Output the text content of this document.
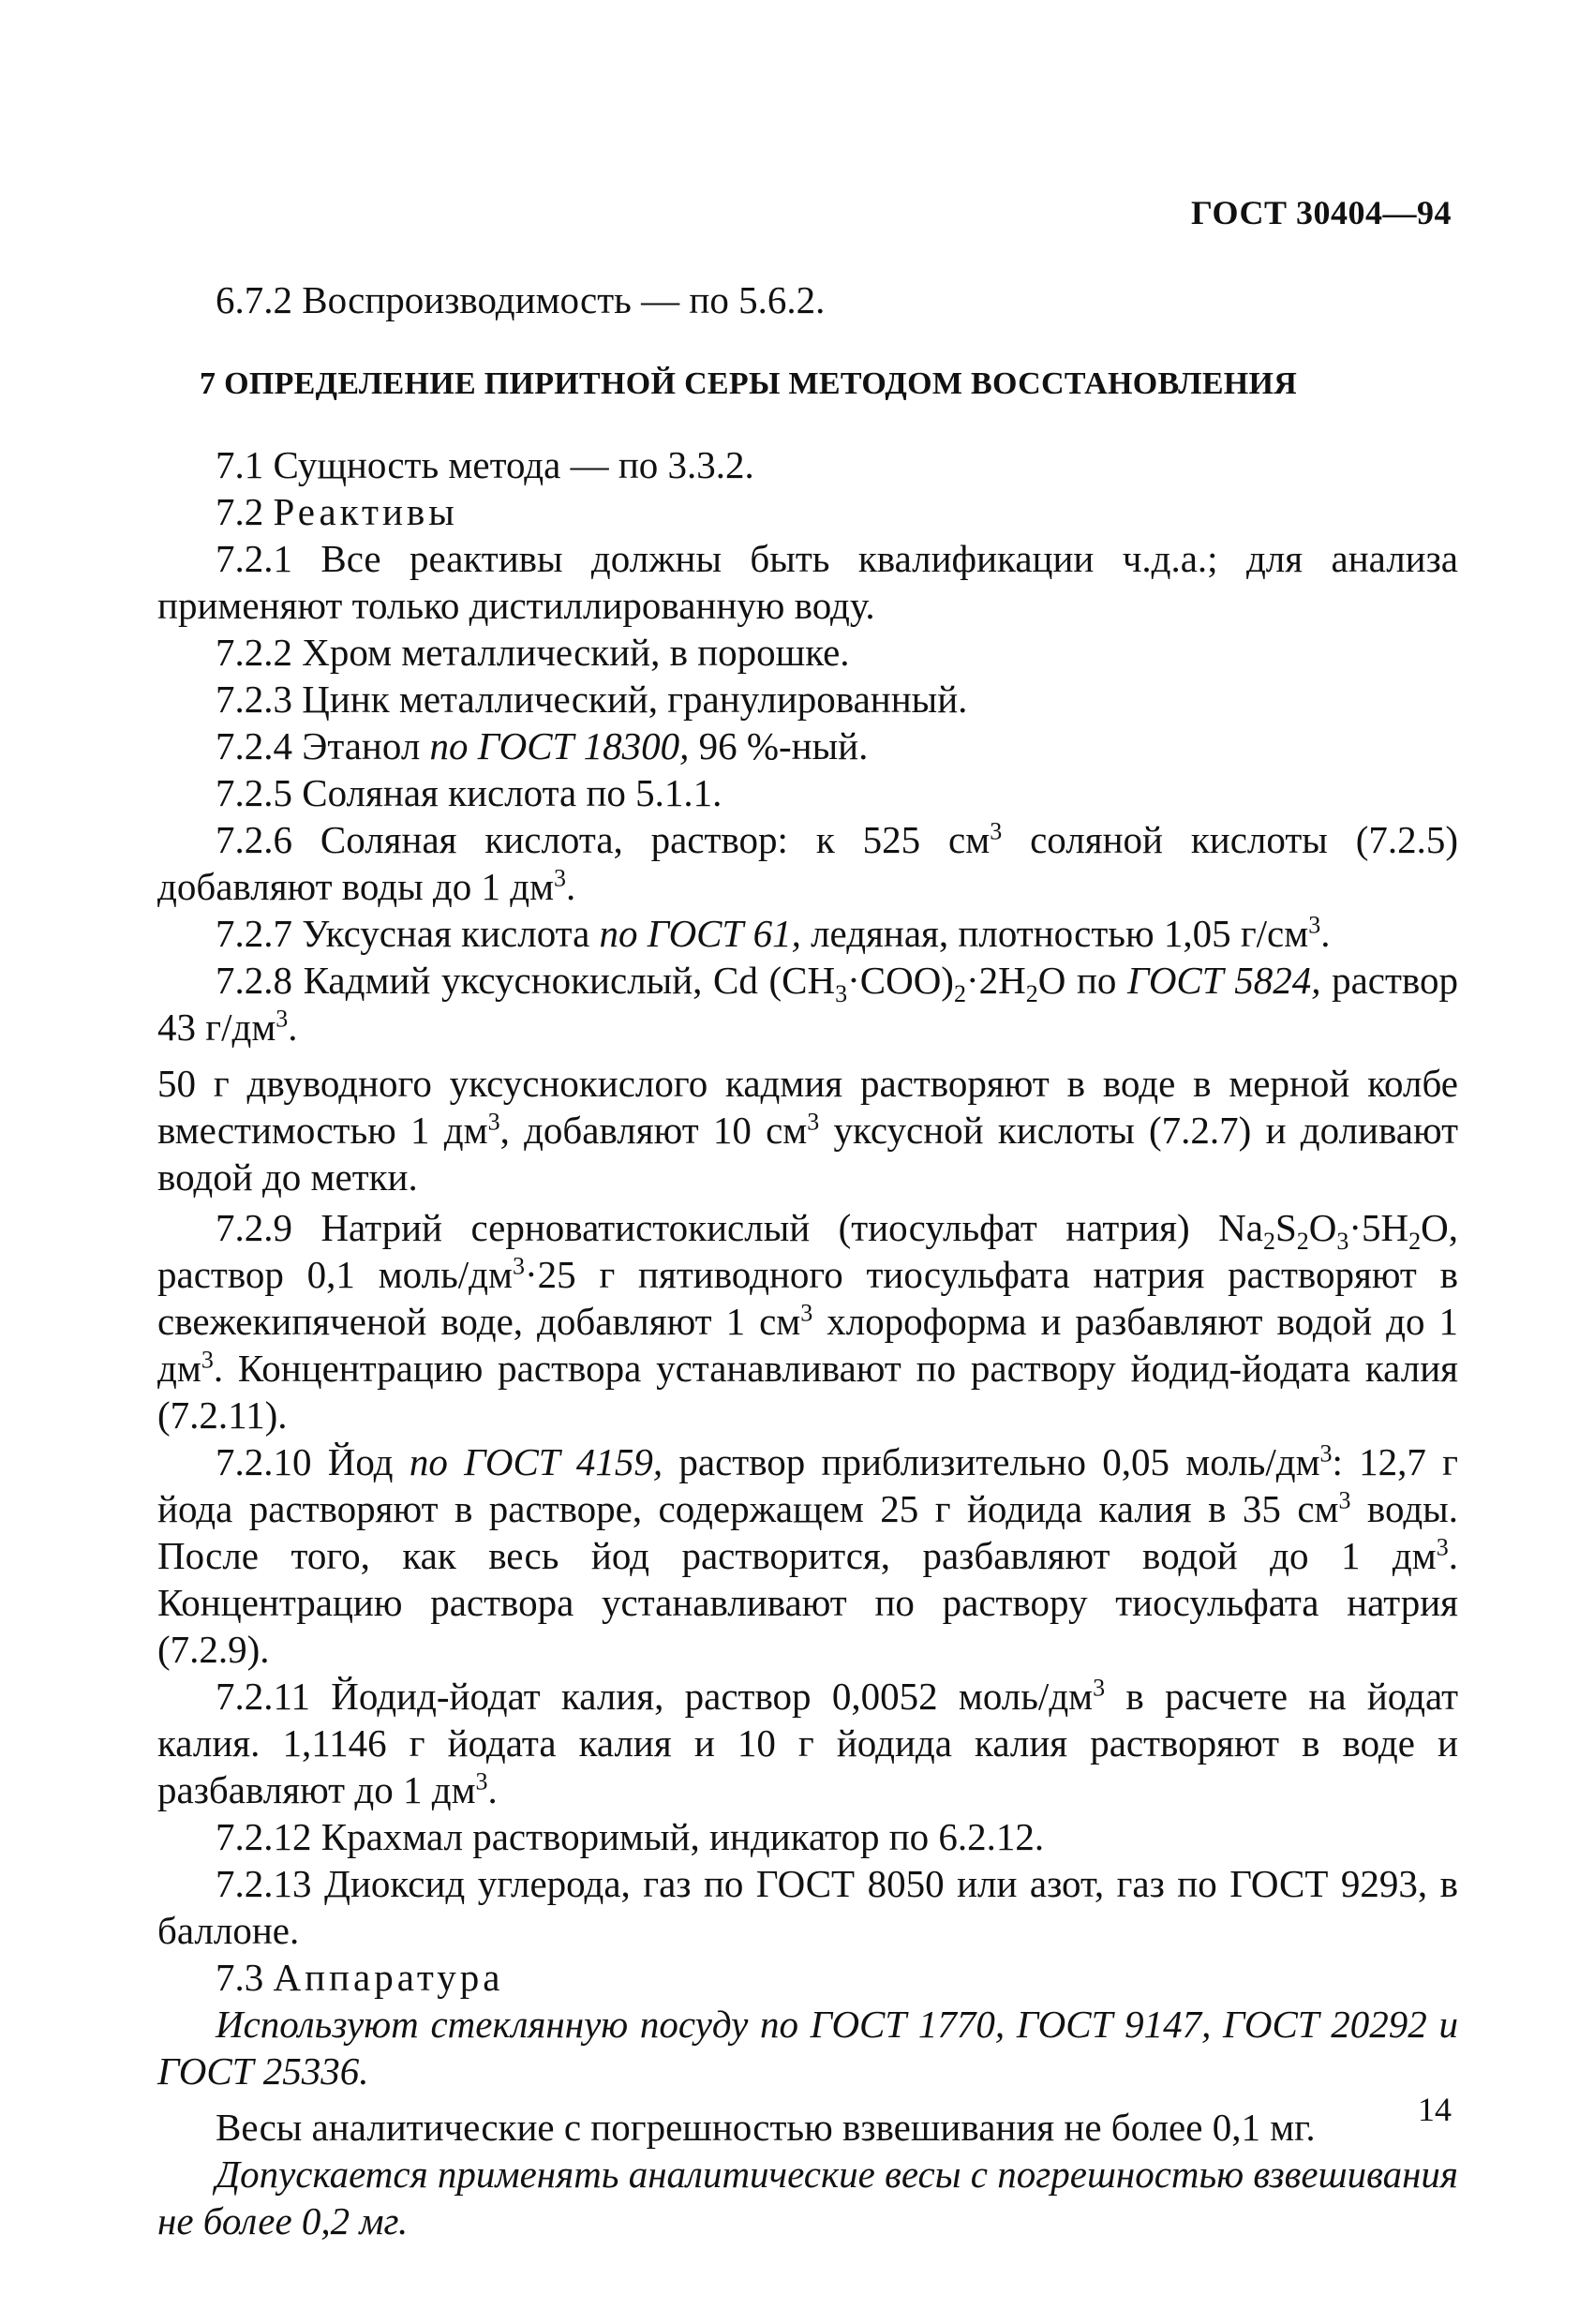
ГОСТ 30404—94

6.7.2 Воспроизводимость — по 5.6.2.

7 ОПРЕДЕЛЕНИЕ ПИРИТНОЙ СЕРЫ МЕТОДОМ ВОССТАНОВЛЕНИЯ

7.1 Сущность метода — по 3.3.2.

7.2 Реактивы

7.2.1 Все реактивы должны быть квалификации ч.д.а.; для анализа применяют только дистиллированную воду.

7.2.2 Хром металлический, в порошке.

7.2.3 Цинк металлический, гранулированный.

7.2.4 Этанол по ГОСТ 18300, 96 %-ный.

7.2.5 Соляная кислота по 5.1.1.

7.2.6 Соляная кислота, раствор: к 525 $см^3$ соляной кислоты (7.2.5) добавляют воды до 1 $дм^3$.

7.2.7 Уксусная кислота по ГОСТ 61, ледяная, плотностью 1,05 $г/см^3$.

7.2.8 Кадмий уксуснокислый, Cd $(CH_3\cdot COO)_2\cdot 2H_2O$ по ГОСТ 5824, раствор 43 $г/дм^3$.

50 г двуводного уксуснокислого кадмия растворяют в воде в мерной колбе вместимостью 1 $дм^3$, добавляют 10 $см^3$ уксусной кислоты (7.2.7) и доливают водой до метки.

7.2.9 Натрий серноватистокислый (тиосульфат натрия) $Na_2S_2O_3\cdot 5H_2O$, раствор 0,1 моль/$дм^3\cdot 25$ г пятиводного тиосульфата натрия растворяют в свежекипяченой воде, добавляют 1 $см^3$ хлороформа и разбавляют водой до 1 $дм^3$. Концентрацию раствора устанавливают по раствору йодид-йодата калия (7.2.11).

7.2.10 Йод по ГОСТ 4159, раствор приблизительно 0,05 моль/$дм^3$: 12,7 г йода растворяют в растворе, содержащем 25 г йодида калия в 35 $см^3$ воды. После того, как весь йод растворится, разбавляют водой до 1 $дм^3$. Концентрацию раствора устанавливают по раствору тиосульфата натрия (7.2.9).

7.2.11 Йодид-йодат калия, раствор 0,0052 моль/$дм^3$ в расчете на йодат калия. 1,1146 г йодата калия и 10 г йодида калия растворяют в воде и разбавляют до 1 $дм^3$.

7.2.12 Крахмал растворимый, индикатор по 6.2.12.

7.2.13 Диоксид углерода, газ по ГОСТ 8050 или азот, газ по ГОСТ 9293, в баллоне.

7.3 Аппаратура

Используют стеклянную посуду по ГОСТ 1770, ГОСТ 9147, ГОСТ 20292 и ГОСТ 25336.

Весы аналитические с погрешностью взвешивания не более 0,1 мг.

Допускается применять аналитические весы с погрешностью взвешивания не более 0,2 мг.

14
